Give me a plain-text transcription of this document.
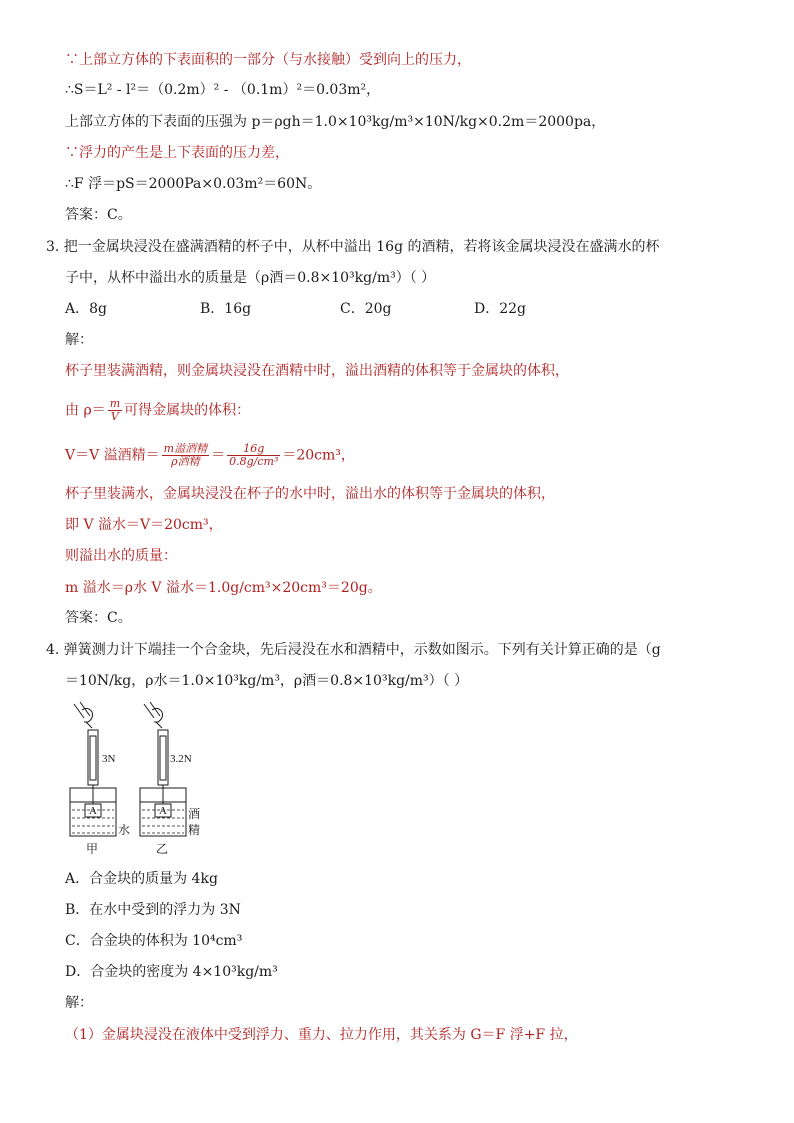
∵上部立方体的下表面积的一部分（与水接触）受到向上的压力，
∴S＝L² - l²＝（0.2m）² - （0.1m）²＝0.03m²，
上部立方体的下表面的压强为 p＝ρgh＝1.0×10³kg/m³×10N/kg×0.2m＝2000pa，
∵浮力的产生是上下表面的压力差，
∴F 浮＝pS＝2000Pa×0.03m²＝60N。
答案：C。
3. 把一金属块浸没在盛满酒精的杯子中，从杯中溢出 16g 的酒精，若将该金属块浸没在盛满水的杯
子中，从杯中溢出水的质量是（ρ酒＝0.8×10³kg/m³）（ ）
A．8g	B．16g	C．20g	D．22g
解：
杯子里装满酒精，则金属块浸没在酒精中时，溢出酒精的体积等于金属块的体积，
由 $\rho= \frac{m}{V}$ 可得金属块的体积：
V＝V 溢酒精＝ $\frac{\text{m溢酒精}}{\text{ρ酒精}} = \frac{16g}{\text{0.8g/cm³}} =20cm^3$，
杯子里装满水，金属块浸没在杯子的水中时，溢出水的体积等于金属块的体积，
即 V 溢水＝V＝20cm³，
则溢出水的质量：
m 溢水＝ρ水 V 溢水＝1.0g/cm³×20cm³＝20g。
答案：C。
4. 弹簧测力计下端挂一个合金块，先后浸没在水和酒精中，示数如图示。下列有关计算正确的是（g
＝10N/kg，ρ水＝1.0×10³kg/m³，ρ酒＝0.8×10³kg/m³）（ ）
3N	3.2N
A	A
水
酒
精
甲	乙
A．合金块的质量为 4kg
B．在水中受到的浮力为 3N
C．合金块的体积为 10⁴cm³
D．合金块的密度为 4×10³kg/m³
解：
（1）金属块浸没在液体中受到浮力、重力、拉力作用，其关系为 G＝F 浮+F 拉，
